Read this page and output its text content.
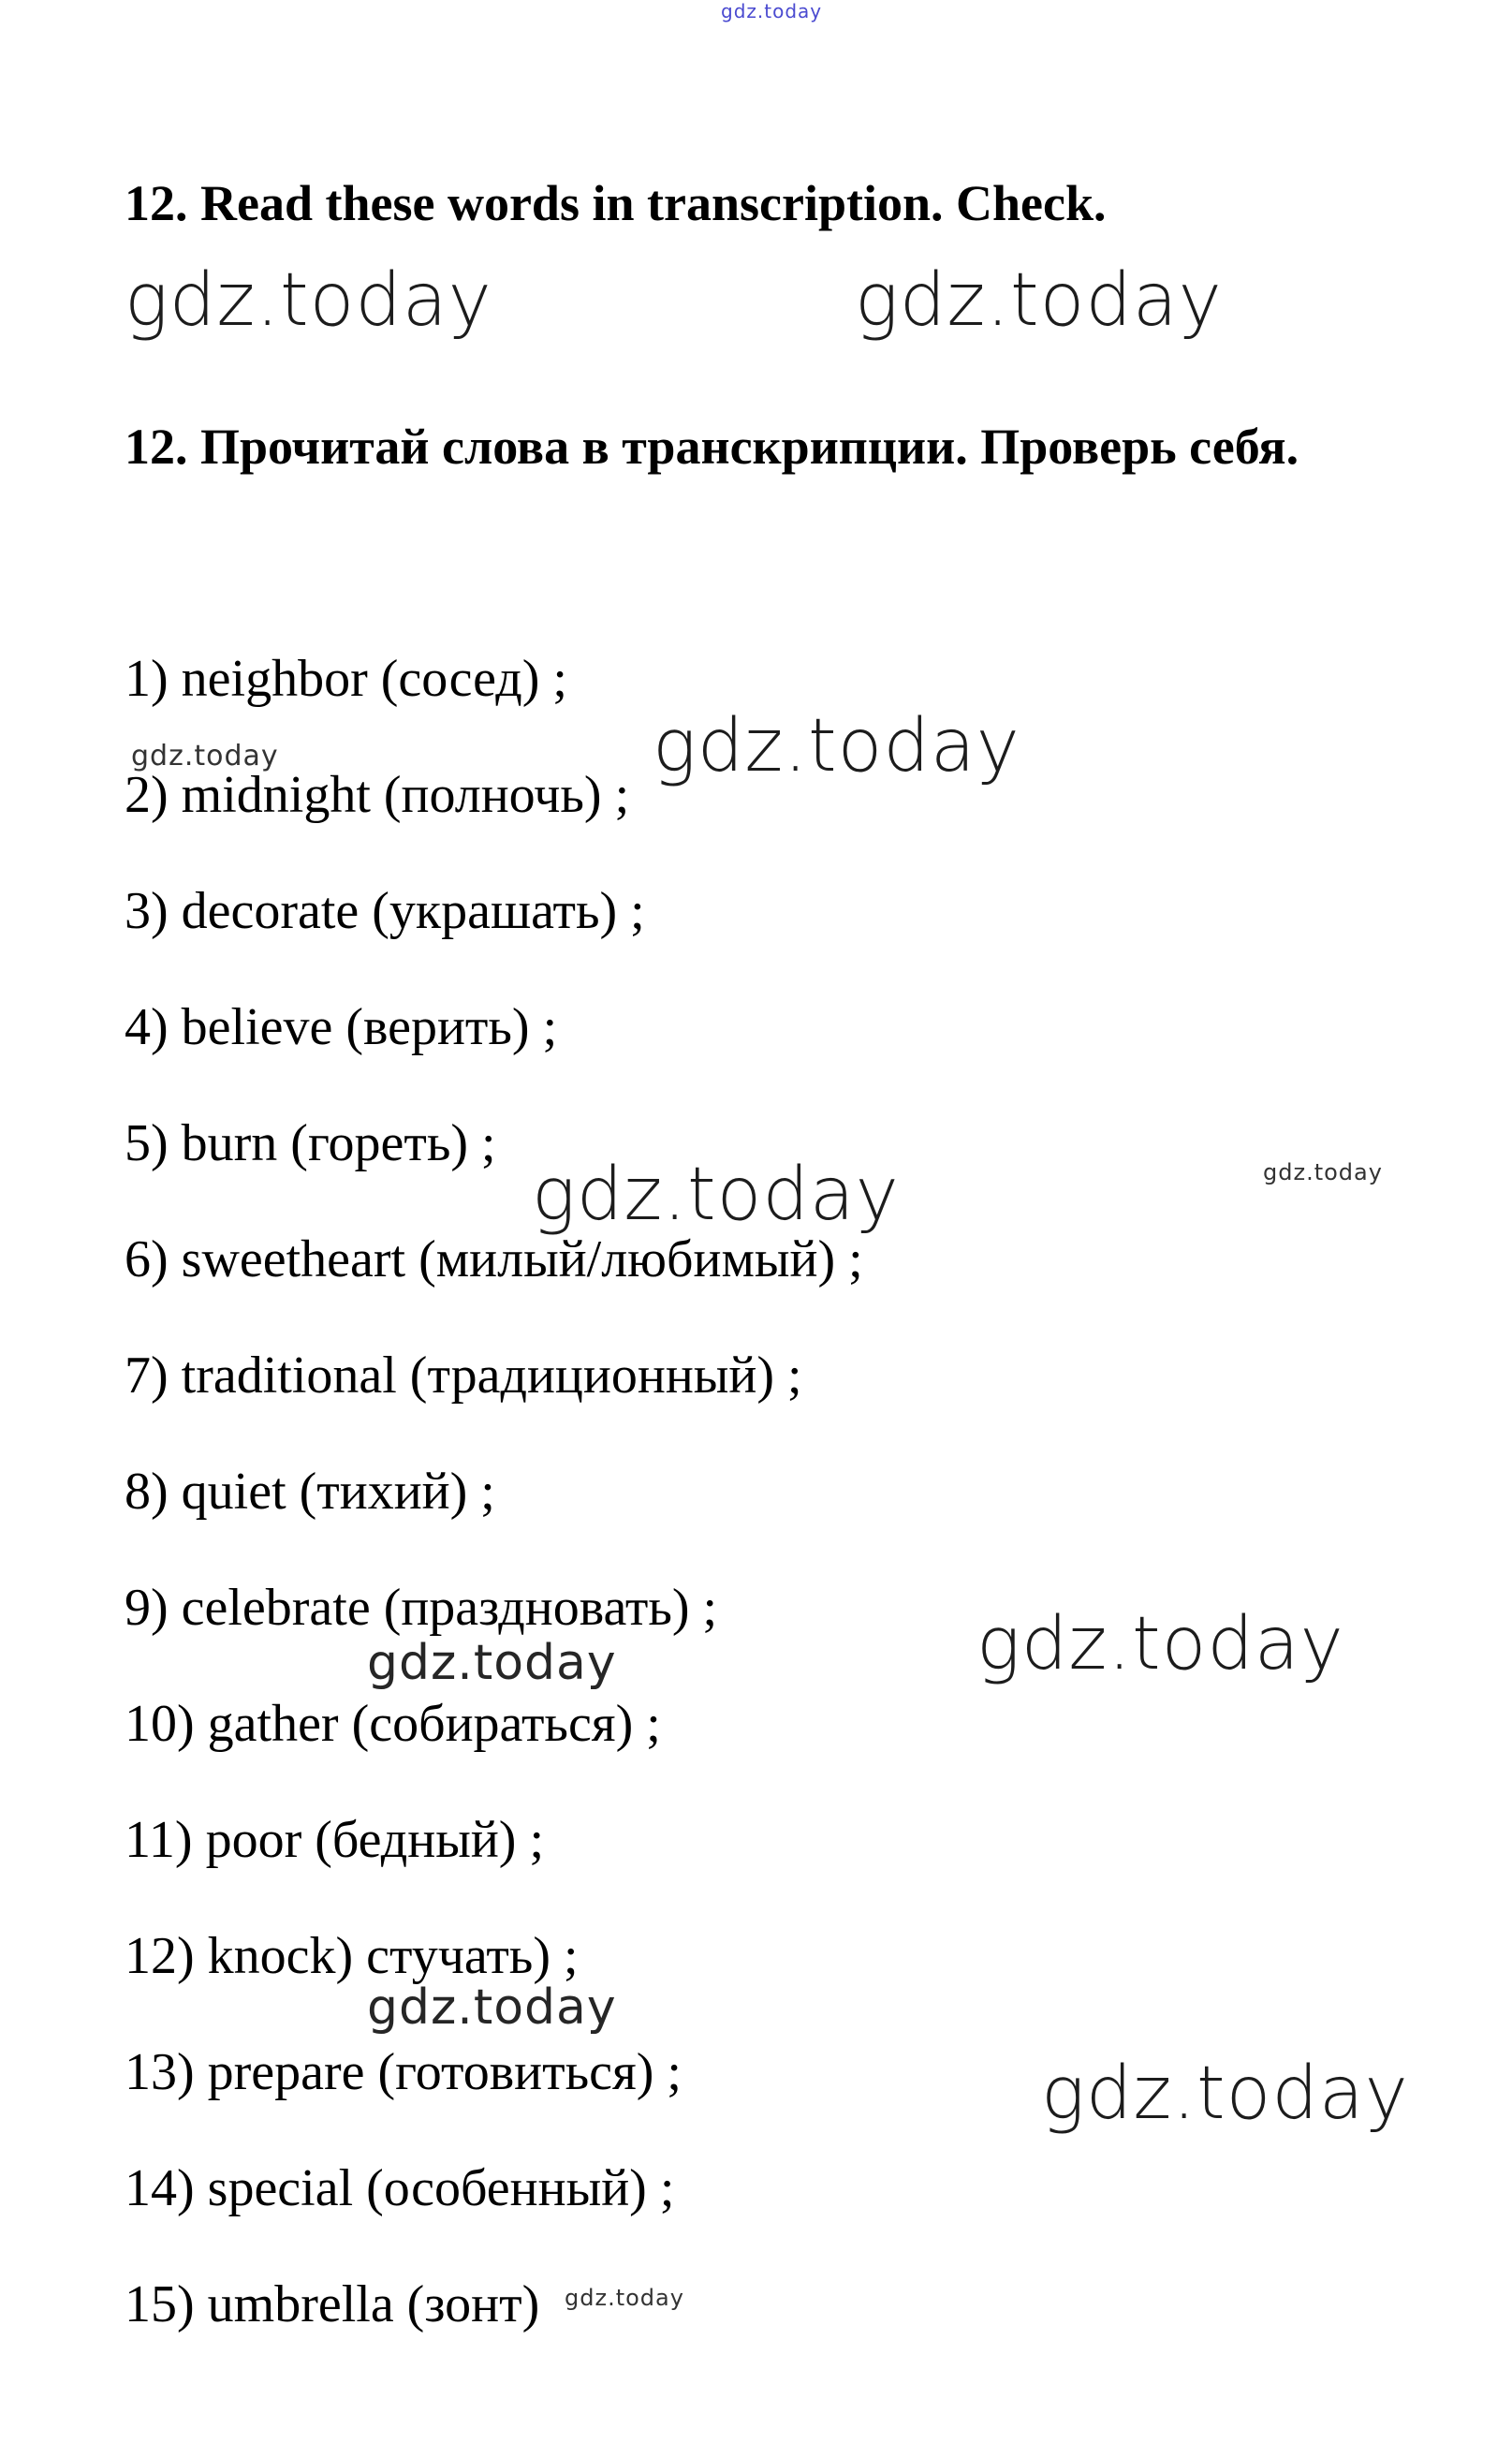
gdz.today
12. Read these words in transcription. Check.
gdz.today	gdz.today
12. Прочитай слова в транскрипции. Проверь себя.
1) neighbor (сосед) ;
2) midnight (полночь) ;
3) decorate (украшать) ;
4) believe (верить) ;
5) burn (гореть) ;
6) sweetheart (милый/любимый) ;
7) traditional (традиционный) ;
8) quiet (тихий) ;
9) celebrate (праздновать) ;
10) gather (собираться) ;
11) poor (бедный) ;
12) knock) стучать) ;
13) prepare (готовиться) ;
14) special (особенный) ;
15) umbrella (зонт)
gdz.today	gdz.today
gdz.today	gdz.today
gdz.today
gdz.today
gdz.today
gdz.today
gdz.today
